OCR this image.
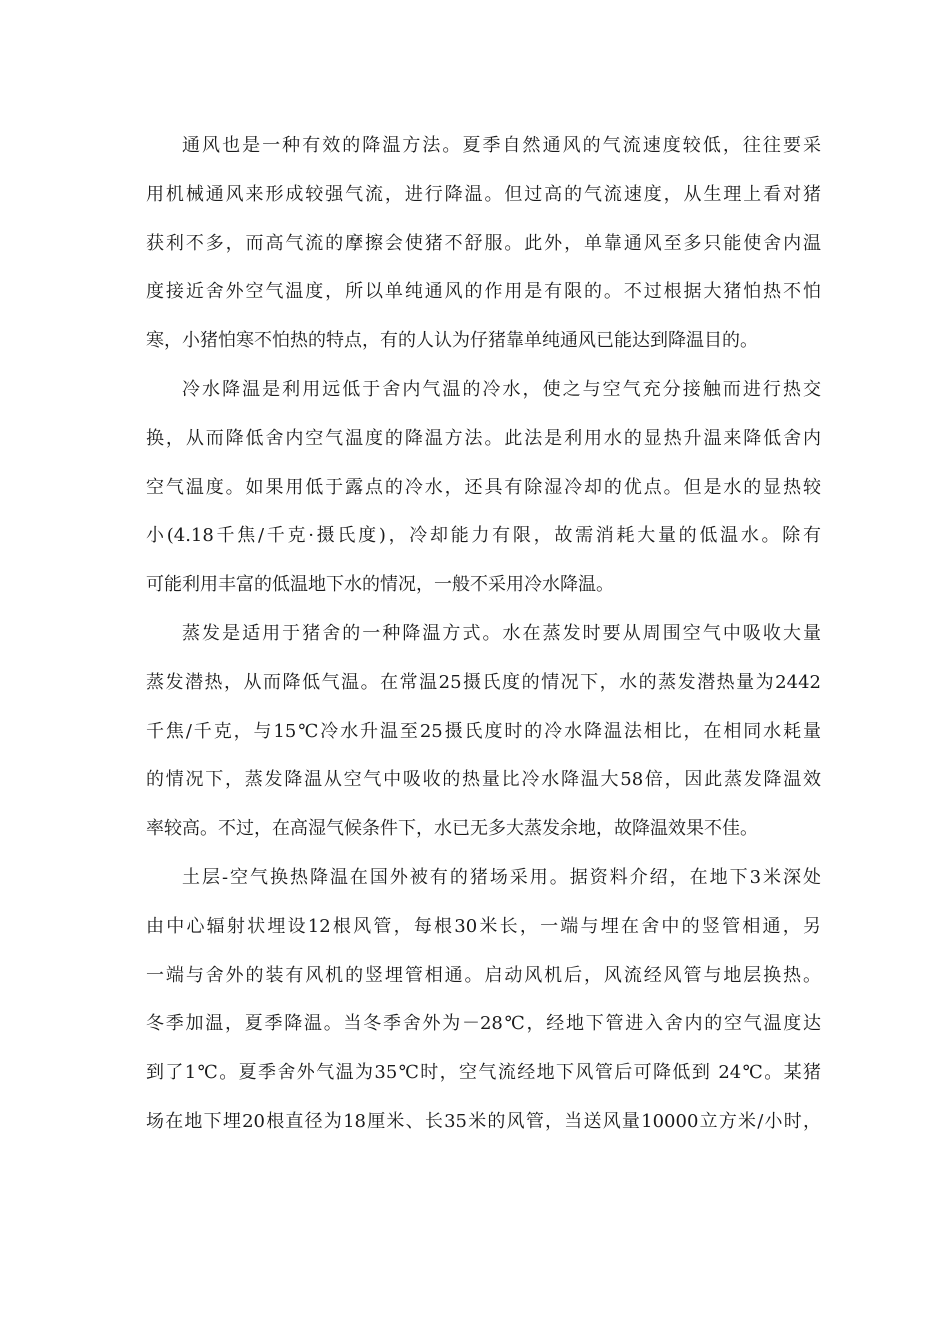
通风也是一种有效的降温方法。夏季自然通风的气流速度较低，往往要采
用机械通风来形成较强气流，进行降温。但过高的气流速度，从生理上看对猪
获利不多，而高气流的摩擦会使猪不舒服。此外，单靠通风至多只能使舍内温
度接近舍外空气温度，所以单纯通风的作用是有限的。不过根据大猪怕热不怕
寒，小猪怕寒不怕热的特点，有的人认为仔猪靠单纯通风已能达到降温目的。
冷水降温是利用远低于舍内气温的冷水，使之与空气充分接触而进行热交
换，从而降低舍内空气温度的降温方法。此法是利用水的显热升温来降低舍内
空气温度。如果用低于露点的冷水，还具有除湿冷却的优点。但是水的显热较
小(4.18千焦/千克·摄氏度)，冷却能力有限，故需消耗大量的低温水。除有
可能利用丰富的低温地下水的情况，一般不采用冷水降温。
蒸发是适用于猪舍的一种降温方式。水在蒸发时要从周围空气中吸收大量
蒸发潜热，从而降低气温。在常温25摄氏度的情况下，水的蒸发潜热量为2442
千焦/千克，与15℃冷水升温至25摄氏度时的冷水降温法相比，在相同水耗量
的情况下，蒸发降温从空气中吸收的热量比冷水降温大58倍，因此蒸发降温效
率较高。不过，在高湿气候条件下，水已无多大蒸发余地，故降温效果不佳。
土层-空气换热降温在国外被有的猪场采用。据资料介绍，在地下3米深处
由中心辐射状埋设12根风管，每根30米长，一端与埋在舍中的竖管相通，另
一端与舍外的装有风机的竖埋管相通。启动风机后，风流经风管与地层换热。
冬季加温，夏季降温。当冬季舍外为－28℃，经地下管进入舍内的空气温度达
到了1℃。夏季舍外气温为35℃时，空气流经地下风管后可降低到 24℃。某猪
场在地下埋20根直径为18厘米、长35米的风管，当送风量10000立方米/小时，
